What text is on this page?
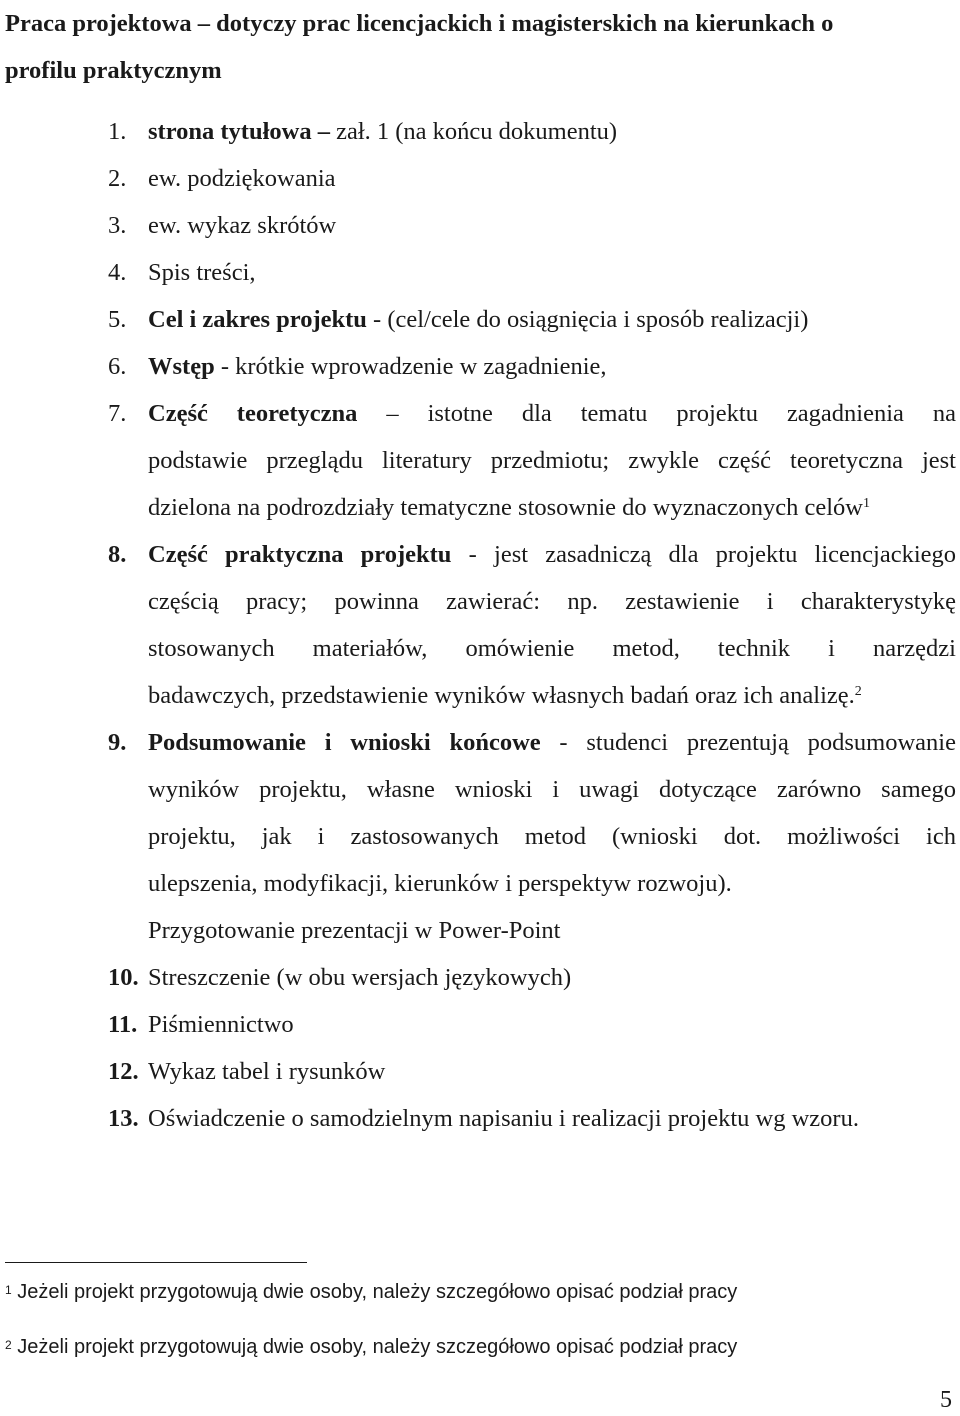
Praca projektowa – dotyczy prac licencjackich i magisterskich na kierunkach o
profilu praktycznym
1. strona tytułowa – zał. 1 (na końcu dokumentu)
2. ew. podziękowania
3. ew. wykaz skrótów
4. Spis treści,
5. Cel i zakres projektu - (cel/cele do osiągnięcia i sposób realizacji)
6. Wstęp - krótkie wprowadzenie w zagadnienie,
7. Część teoretyczna – istotne dla tematu projektu zagadnienia na
podstawie przeglądu literatury przedmiotu; zwykle część teoretyczna jest
dzielona na podrozdziały tematyczne stosownie do wyznaczonych celów$^1$
8. Część praktyczna projektu - jest zasadniczą dla projektu licencjackiego
częścią pracy; powinna zawierać: np. zestawienie i charakterystykę
stosowanych materiałów, omówienie metod, technik i narzędzi
badawczych, przedstawienie wyników własnych badań oraz ich analizę.$^2$
9. Podsumowanie i wnioski końcowe - studenci prezentują podsumowanie
wyników projektu, własne wnioski i uwagi dotyczące zarówno samego
projektu, jak i zastosowanych metod (wnioski dot. możliwości ich
ulepszenia, modyfikacji, kierunków i perspektyw rozwoju).
Przygotowanie prezentacji w Power-Point
10. Streszczenie (w obu wersjach językowych)
11. Piśmiennictwo
12. Wykaz tabel i rysunków
13. Oświadczenie o samodzielnym napisaniu i realizacji projektu wg wzoru.
$^1$ Jeżeli projekt przygotowują dwie osoby, należy szczegółowo opisać podział pracy
$^2$ Jeżeli projekt przygotowują dwie osoby, należy szczegółowo opisać podział pracy
5
